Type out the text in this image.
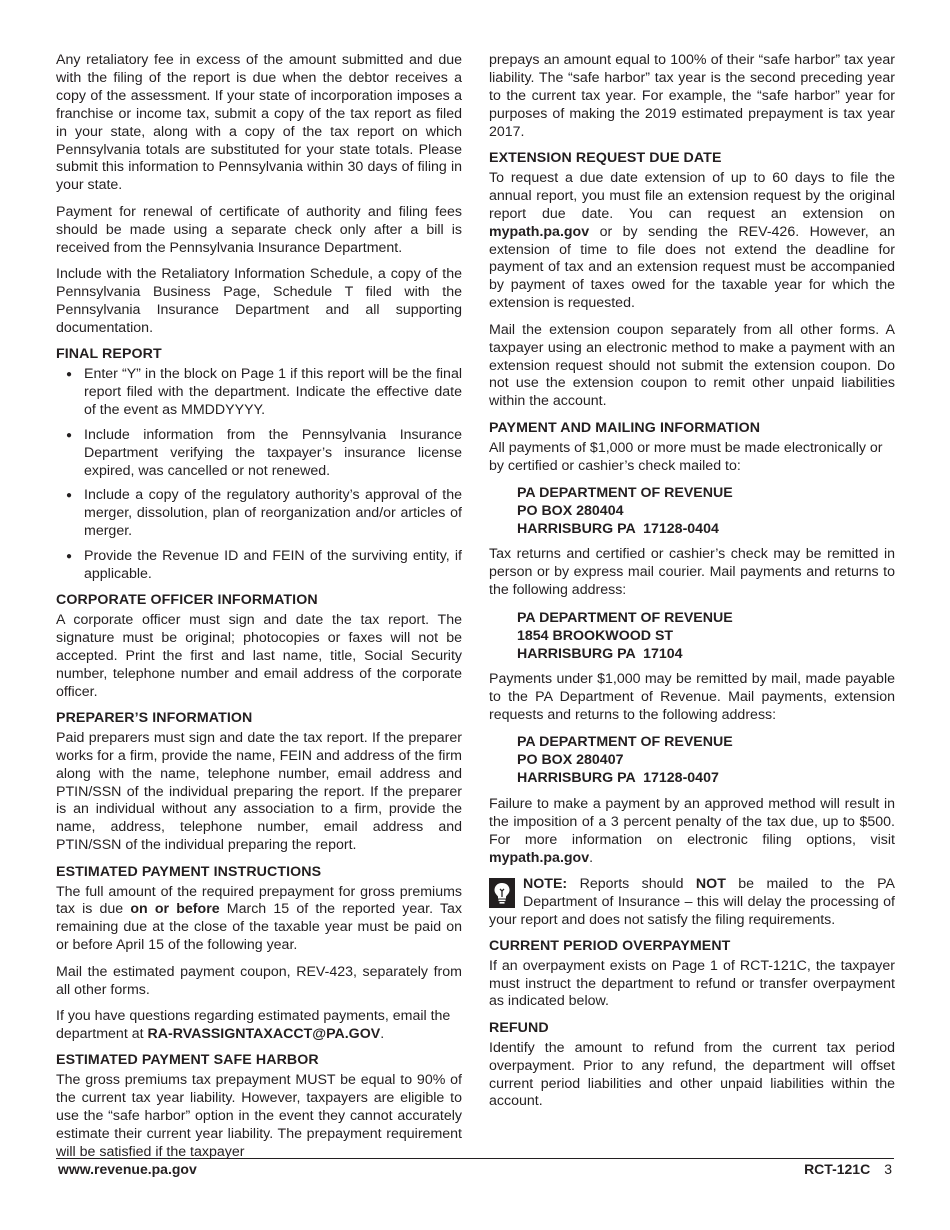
Any retaliatory fee in excess of the amount submitted and due with the filing of the report is due when the debtor receives a copy of the assessment. If your state of incorporation imposes a franchise or income tax, submit a copy of the tax report as filed in your state, along with a copy of the tax report on which Pennsylvania totals are substituted for your state totals. Please submit this information to Pennsylvania within 30 days of filing in your state.

Payment for renewal of certificate of authority and filing fees should be made using a separate check only after a bill is received from the Pennsylvania Insurance Department.

Include with the Retaliatory Information Schedule, a copy of the Pennsylvania Business Page, Schedule T filed with the Pennsylvania Insurance Department and all supporting documentation.

FINAL REPORT
● Enter “Y” in the block on Page 1 if this report will be the final report filed with the department. Indicate the effective date of the event as MMDDYYYY.
● Include information from the Pennsylvania Insurance Department verifying the taxpayer’s insurance license expired, was cancelled or not renewed.
● Include a copy of the regulatory authority’s approval of the merger, dissolution, plan of reorganization and/or articles of merger.
● Provide the Revenue ID and FEIN of the surviving entity, if applicable.
CORPORATE OFFICER INFORMATION

A corporate officer must sign and date the tax report. The signature must be original; photocopies or faxes will not be accepted. Print the first and last name, title, Social Security number, telephone number and email address of the corporate officer.

PREPARER’S INFORMATION

Paid preparers must sign and date the tax report. If the preparer works for a firm, provide the name, FEIN and address of the firm along with the name, telephone number, email address and PTIN/SSN of the individual preparing the report. If the preparer is an individual without any association to a firm, provide the name, address, telephone number, email address and PTIN/SSN of the individual preparing the report.

ESTIMATED PAYMENT INSTRUCTIONS

The full amount of the required prepayment for gross premiums tax is due on or before March 15 of the reported year. Tax remaining due at the close of the taxable year must be paid on or before April 15 of the following year.

Mail the estimated payment coupon, REV-423, separately from all other forms.

If you have questions regarding estimated payments, email the department at RA-RVASSIGNTAXACCT@PA.GOV.

ESTIMATED PAYMENT SAFE HARBOR

The gross premiums tax prepayment MUST be equal to 90% of the current tax year liability. However, taxpayers are eligible to use the “safe harbor” option in the event they cannot accurately estimate their current year liability. The prepayment requirement will be satisfied if the taxpayer

prepays an amount equal to 100% of their “safe harbor” tax year liability. The “safe harbor” tax year is the second preceding year to the current tax year. For example, the “safe harbor” year for purposes of making the 2019 estimated prepayment is tax year 2017.

EXTENSION REQUEST DUE DATE

To request a due date extension of up to 60 days to file the annual report, you must file an extension request by the original report due date. You can request an extension on mypath.pa.gov or by sending the REV-426. However, an extension of time to file does not extend the deadline for payment of tax and an extension request must be accompanied by payment of taxes owed for the taxable year for which the extension is requested.

Mail the extension coupon separately from all other forms. A taxpayer using an electronic method to make a payment with an extension request should not submit the extension coupon. Do not use the extension coupon to remit other unpaid liabilities within the account.

PAYMENT AND MAILING INFORMATION

All payments of $1,000 or more must be made electronically or by certified or cashier’s check mailed to:

PA DEPARTMENT OF REVENUE
PO BOX 280404
HARRISBURG PA  17128-0404

Tax returns and certified or cashier’s check may be remitted in person or by express mail courier. Mail payments and returns to the following address:

PA DEPARTMENT OF REVENUE
1854 BROOKWOOD ST
HARRISBURG PA  17104

Payments under $1,000 may be remitted by mail, made payable to the PA Department of Revenue. Mail payments, extension requests and returns to the following address:

PA DEPARTMENT OF REVENUE
PO BOX 280407
HARRISBURG PA  17128-0407

Failure to make a payment by an approved method will result in the imposition of a 3 percent penalty of the tax due, up to $500. For more information on electronic filing options, visit mypath.pa.gov.

NOTE: Reports should NOT be mailed to the PA Department of Insurance – this will delay the processing of your report and does not satisfy the filing requirements.
CURRENT PERIOD OVERPAYMENT

If an overpayment exists on Page 1 of RCT-121C, the taxpayer must instruct the department to refund or transfer overpayment as indicated below.

REFUND

Identify the amount to refund from the current tax period overpayment. Prior to any refund, the department will offset current period liabilities and other unpaid liabilities within the account.

www.revenue.pa.gov	RCT-121C 3
